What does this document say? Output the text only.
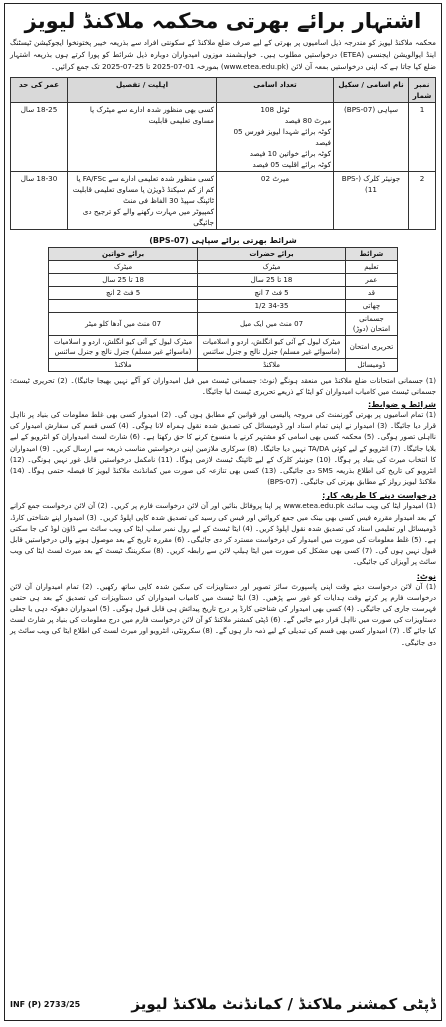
اشتہار برائے بھرتی محکمہ ملاکنڈ لیویز
محکمہ ملاکنڈ لیویز کو مندرجہ ذیل اسامیوں پر بھرتی کے لیے صرف ضلع ملاکنڈ کے سکونتی افراد سے بذریعہ خیبر پختونخوا ایجوکیشن ٹیسٹنگ اینڈ ایوالویشن ایجنسی (ETEA) درخواستیں مطلوب ہیں۔ خواہشمند موزوں امیدواران دوبارہ ذیل شرائط کو پورا کرتے ہوں بذریعہ اشتہار ضلع کیا جاتا ہے کہ اپنی درخواستیں بمعہ آن لائن (www.etea.edu.pk) بمورخہ 01-07-2025 تا 25-07-2025 تک جمع کرائیں۔
نمبر شمار	نام اسامی / سکیل	تعداد اسامی	اہلیت / تفصیل	عمر کی حد
1	سپاہی (BPS-07)	ٹوٹل 108
میرٹ 80 فیصد
کوٹہ برائے شہدا لیویز فورس 05 فیصد
کوٹہ برائے خواتین 10 فیصد
کوٹہ برائے اقلیت 05 فیصد	کسی بھی منظور شدہ ادارے سے میٹرک یا مساوی تعلیمی قابلیت	18-25 سال
2	جونیئر کلرک (BPS-11)	میرٹ 02	کسی منظور شدہ تعلیمی ادارے سے FA/FSc یا کم از کم سیکنڈ ڈویژن یا مساوی تعلیمی قابلیت
ٹائپنگ سپیڈ 30 الفاظ فی منٹ
کمپیوٹر میں مہارت رکھنے والے کو ترجیح دی جائیگی	18-30 سال
شرائط بھرتی برائے سپاہی (BPS-07)
شرائط	برائے حضرات	برائے خواتین
تعلیم	میٹرک	میٹرک
عمر	18 تا 25 سال	18 تا 25 سال
قد	5 فٹ 7 انچ	5 فٹ 2 انچ
چھاتی	34-35 1/2	
جسمانی امتحان (دوڑ)	07 منٹ میں ایک میل	07 منٹ میں آدھا کلو میٹر
تحریری امتحان	میٹرک لیول کے آئی کیو انگلش، اردو و اسلامیات (ماسوائے غیر مسلم) جنرل نالج و جنرل سائنس	میٹرک لیول کے آئی کیو انگلش، اردو و اسلامیات (ماسوائے غیر مسلم) جنرل نالج و جنرل سائنس
ڈومیسائل	ملاکنڈ	ملاکنڈ
(1) جسمانی امتحانات ضلع ملاکنڈ میں منعقد ہونگے (نوٹ: جسمانی ٹیسٹ میں فیل امیدواران کو آگے نہیں بھیجا جائیگا)۔ (2) تحریری ٹیسٹ: جسمانی ٹیسٹ میں کامیاب امیدواران کو ایٹا کے ذریعے تحریری ٹیسٹ لیا جائیگا۔
شرائط و ضوابط:
(1) تمام اسامیوں پر بھرتی گورنمنٹ کی مروجہ پالیسی اور قوانین کے مطابق ہوں گی۔ (2) امیدوار کسی بھی غلط معلومات کی بنیاد پر نااہل قرار دیا جائیگا۔ (3) امیدوار نے اپنی تمام اسناد اور ڈومیسائل کی تصدیق شدہ نقول ہمراہ لانا ہوگی۔ (4) کسی قسم کی سفارش امیدوار کی نااہلی تصور ہوگی۔ (5) محکمہ کسی بھی اسامی کو مشتہر کرنے یا منسوخ کرنے کا حق رکھتا ہے۔ (6) شارٹ لسٹ امیدواران کو انٹرویو کے لیے بلایا جائیگا۔ (7) انٹرویو کے لیے کوئی TA/DA نہیں دیا جائیگا۔ (8) سرکاری ملازمین اپنی درخواستیں مناسب ذریعہ سے ارسال کریں۔ (9) امیدواران کا انتخاب میرٹ کی بنیاد پر ہوگا۔ (10) جونیئر کلرک کے لیے ٹائپنگ ٹیسٹ لازمی ہوگا۔ (11) نامکمل درخواستیں قابل غور نہیں ہونگی۔ (12) انٹرویو کی تاریخ کی اطلاع بذریعہ SMS دی جائیگی۔ (13) کسی بھی تنازعہ کی صورت میں کمانڈنٹ ملاکنڈ لیویز کا فیصلہ حتمی ہوگا۔ (14) ملاکنڈ لیویز رولز کے مطابق بھرتی کی جائیگی۔ (BPS-07)
درخواست دینے کا طریقہ کار:
(1) امیدوار ایٹا کی ویب سائٹ www.etea.edu.pk پر اپنا پروفائل بنائیں اور آن لائن درخواست فارم پر کریں۔ (2) آن لائن درخواست جمع کرانے کے بعد امیدوار مقررہ فیس کسی بھی بینک میں جمع کروائیں اور فیس کی رسید کی تصدیق شدہ کاپی اپلوڈ کریں۔ (3) امیدوار اپنے شناختی کارڈ، ڈومیسائل اور تعلیمی اسناد کی تصدیق شدہ نقول اپلوڈ کریں۔ (4) ایٹا ٹیسٹ کے لیے رول نمبر سلپ ایٹا کی ویب سائٹ سے ڈاؤن لوڈ کی جا سکتی ہے۔ (5) غلط معلومات کی صورت میں امیدوار کی درخواست مسترد کر دی جائیگی۔ (6) مقررہ تاریخ کے بعد موصول ہونے والی درخواستیں قابل قبول نہیں ہوں گی۔ (7) کسی بھی مشکل کی صورت میں ایٹا ہیلپ لائن سے رابطہ کریں۔ (8) سکریننگ ٹیسٹ کے بعد میرٹ لسٹ ایٹا کی ویب سائٹ پر آویزاں کی جائیگی۔
نوٹ:
(1) آن لائن درخواست دیتے وقت اپنی پاسپورٹ سائز تصویر اور دستاویزات کی سکین شدہ کاپی ساتھ رکھیں۔ (2) تمام امیدواران آن لائن درخواست فارم پر کرتے وقت ہدایات کو غور سے پڑھیں۔ (3) ایٹا ٹیسٹ میں کامیاب امیدواران کی دستاویزات کی تصدیق کے بعد ہی حتمی فہرست جاری کی جائیگی۔ (4) کسی بھی امیدوار کی شناختی کارڈ پر درج تاریخ پیدائش ہی قابل قبول ہوگی۔ (5) امیدواران دھوکہ دہی یا جعلی دستاویزات کی صورت میں نااہل قرار دیے جائیں گے۔ (6) ڈپٹی کمشنر ملاکنڈ کو آن لائن درخواست فارم میں درج معلومات کی بنیاد پر شارٹ لسٹ کیا جائے گا۔ (7) امیدوار کسی بھی قسم کی تبدیلی کے لیے ذمہ دار ہوں گے۔ (8) سکرونٹی، انٹرویو اور میرٹ لسٹ کی اطلاع ایٹا کی ویب سائٹ پر دی جائیگی۔
INF (P) 2733/25	ڈپٹی کمشنر ملاکنڈ / کمانڈنٹ ملاکنڈ لیویز
